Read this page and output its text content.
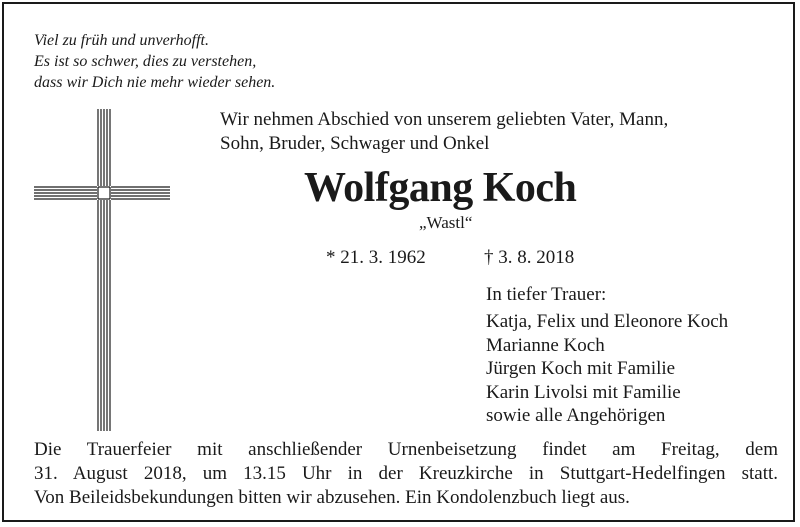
Viel zu früh und unverhofft.
Es ist so schwer, dies zu verstehen,
dass wir Dich nie mehr wieder sehen.
Wir nehmen Abschied von unserem geliebten Vater, Mann,
Sohn, Bruder, Schwager und Onkel
Wolfgang Koch
„Wastl“
* 21. 3. 1962	† 3. 8. 2018
In tiefer Trauer:
Katja, Felix und Eleonore Koch
Marianne Koch
Jürgen Koch mit Familie
Karin Livolsi mit Familie
sowie alle Angehörigen
Die Trauerfeier mit anschließender Urnenbeisetzung findet am Freitag, dem
31. August 2018, um 13.15 Uhr in der Kreuzkirche in Stuttgart-Hedelfingen statt.
Von Beileidsbekundungen bitten wir abzusehen. Ein Kondolenzbuch liegt aus.
